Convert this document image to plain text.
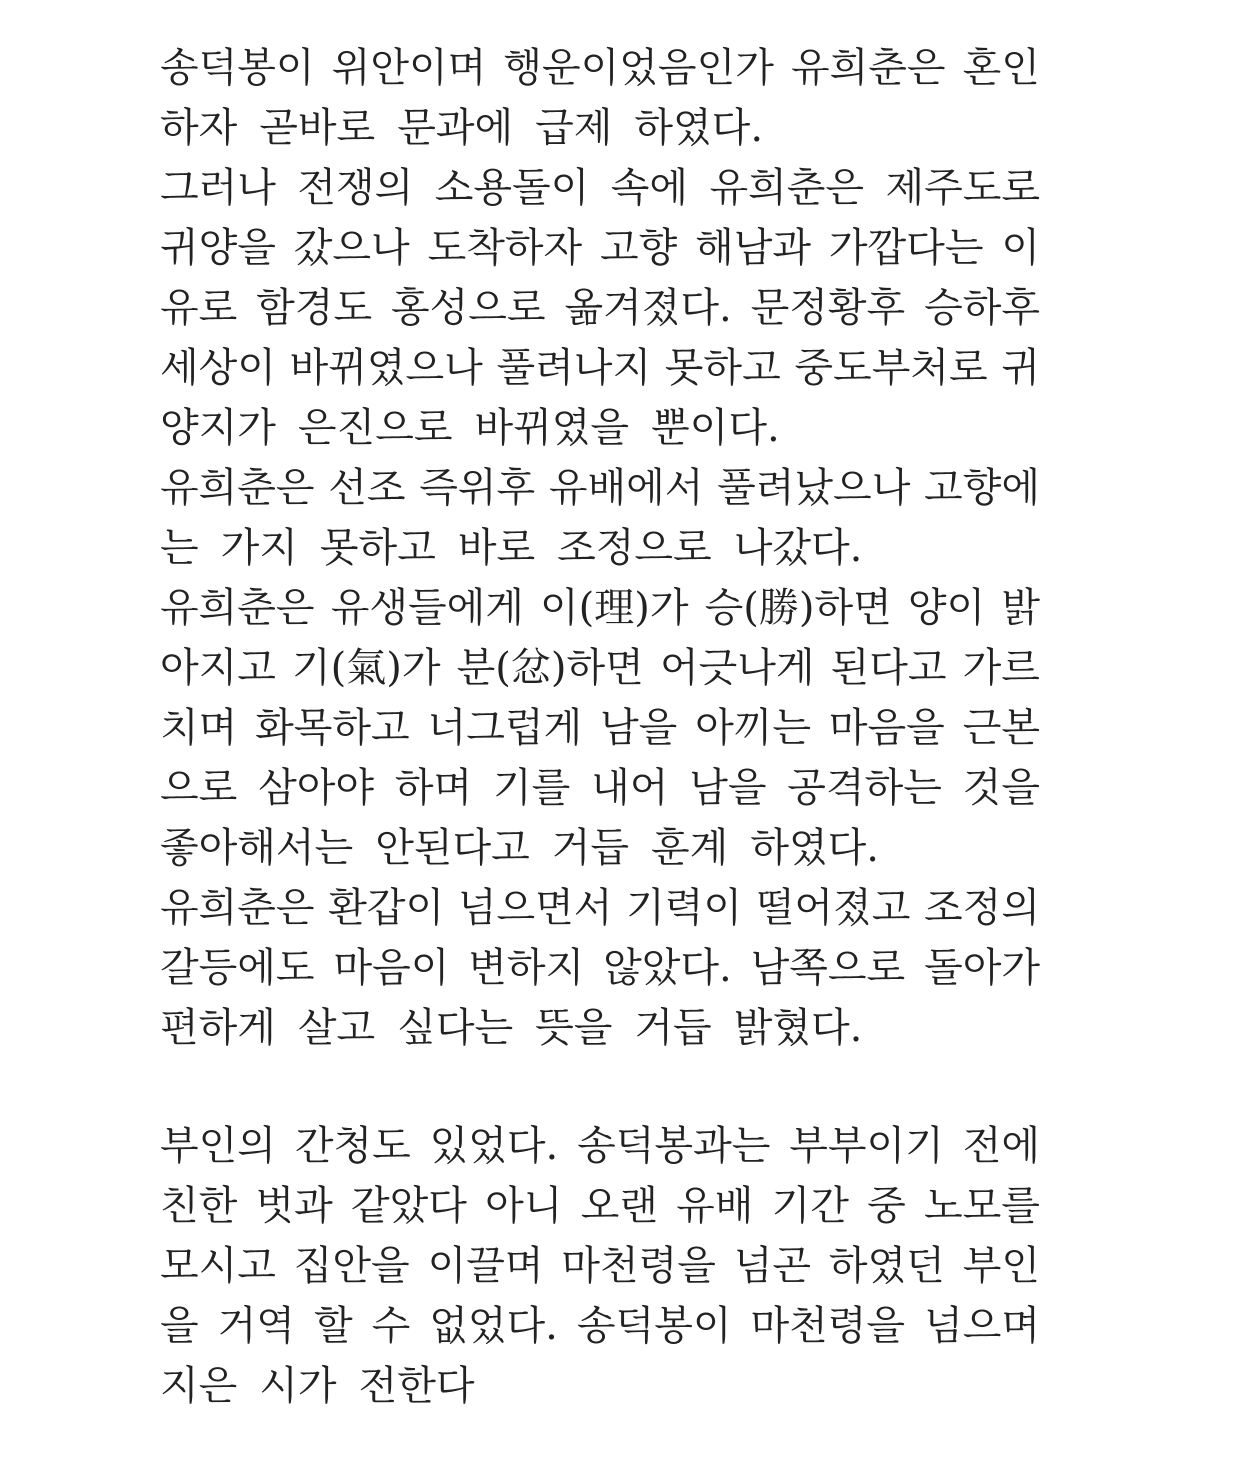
송덕봉이 위안이며 행운이었음인가 유희춘은 혼인
하자 곧바로 문과에 급제 하였다.
그러나 전쟁의 소용돌이 속에 유희춘은 제주도로
귀양을 갔으나 도착하자 고향 해남과 가깝다는 이
유로 함경도 홍성으로 옮겨졌다. 문정황후 승하후
세상이 바뀌였으나 풀려나지 못하고 중도부처로 귀
양지가 은진으로 바뀌였을 뿐이다.
유희춘은 선조 즉위후 유배에서 풀려났으나 고향에
는 가지 못하고 바로 조정으로 나갔다.
유희춘은 유생들에게 이(理)가 승(勝)하면 양이 밝
아지고 기(氣)가 분(忿)하면 어긋나게 된다고 가르
치며 화목하고 너그럽게 남을 아끼는 마음을 근본
으로 삼아야 하며 기를 내어 남을 공격하는 것을
좋아해서는 안된다고 거듭 훈계 하였다.
유희춘은 환갑이 넘으면서 기력이 떨어졌고 조정의
갈등에도 마음이 변하지 않았다. 남쪽으로 돌아가
편하게 살고 싶다는 뜻을 거듭 밝혔다.
부인의 간청도 있었다. 송덕봉과는 부부이기 전에
친한 벗과 같았다 아니 오랜 유배 기간 중 노모를
모시고 집안을 이끌며 마천령을 넘곤 하였던 부인
을 거역 할 수 없었다. 송덕봉이 마천령을 넘으며
지은 시가 전한다
